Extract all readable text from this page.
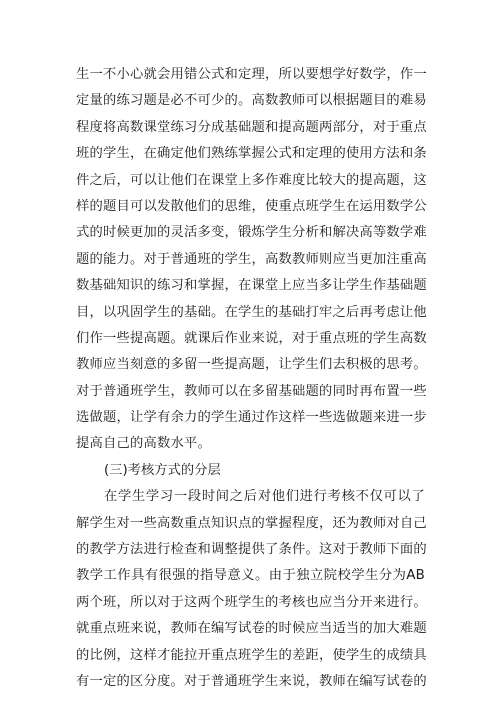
生一不小心就会用错公式和定理，所以要想学好数学，作一
定量的练习题是必不可少的。高数教师可以根据题目的难易
程度将高数课堂练习分成基础题和提高题两部分，对于重点
班的学生，在确定他们熟练掌握公式和定理的使用方法和条
件之后，可以让他们在课堂上多作难度比较大的提高题，这
样的题目可以发散他们的思维，使重点班学生在运用数学公
式的时候更加的灵活多变，锻炼学生分析和解决高等数学难
题的能力。对于普通班的学生，高数教师则应当更加注重高
数基础知识的练习和掌握，在课堂上应当多让学生作基础题
目，以巩固学生的基础。在学生的基础打牢之后再考虑让他
们作一些提高题。就课后作业来说，对于重点班的学生高数
教师应当刻意的多留一些提高题，让学生们去积极的思考。
对于普通班学生，教师可以在多留基础题的同时再布置一些
选做题，让学有余力的学生通过作这样一些选做题来进一步
提高自己的高数水平。
(三)考核方式的分层
　　在学生学习一段时间之后对他们进行考核不仅可以了
解学生对一些高数重点知识点的掌握程度，还为教师对自己
的教学方法进行检查和调整提供了条件。这对于教师下面的
教学工作具有很强的指导意义。由于独立院校学生分为AB
两个班，所以对于这两个班学生的考核也应当分开来进行。
就重点班来说，教师在编写试卷的时候应当适当的加大难题
的比例，这样才能拉开重点班学生的差距，使学生的成绩具
有一定的区分度。对于普通班学生来说，教师在编写试卷的
